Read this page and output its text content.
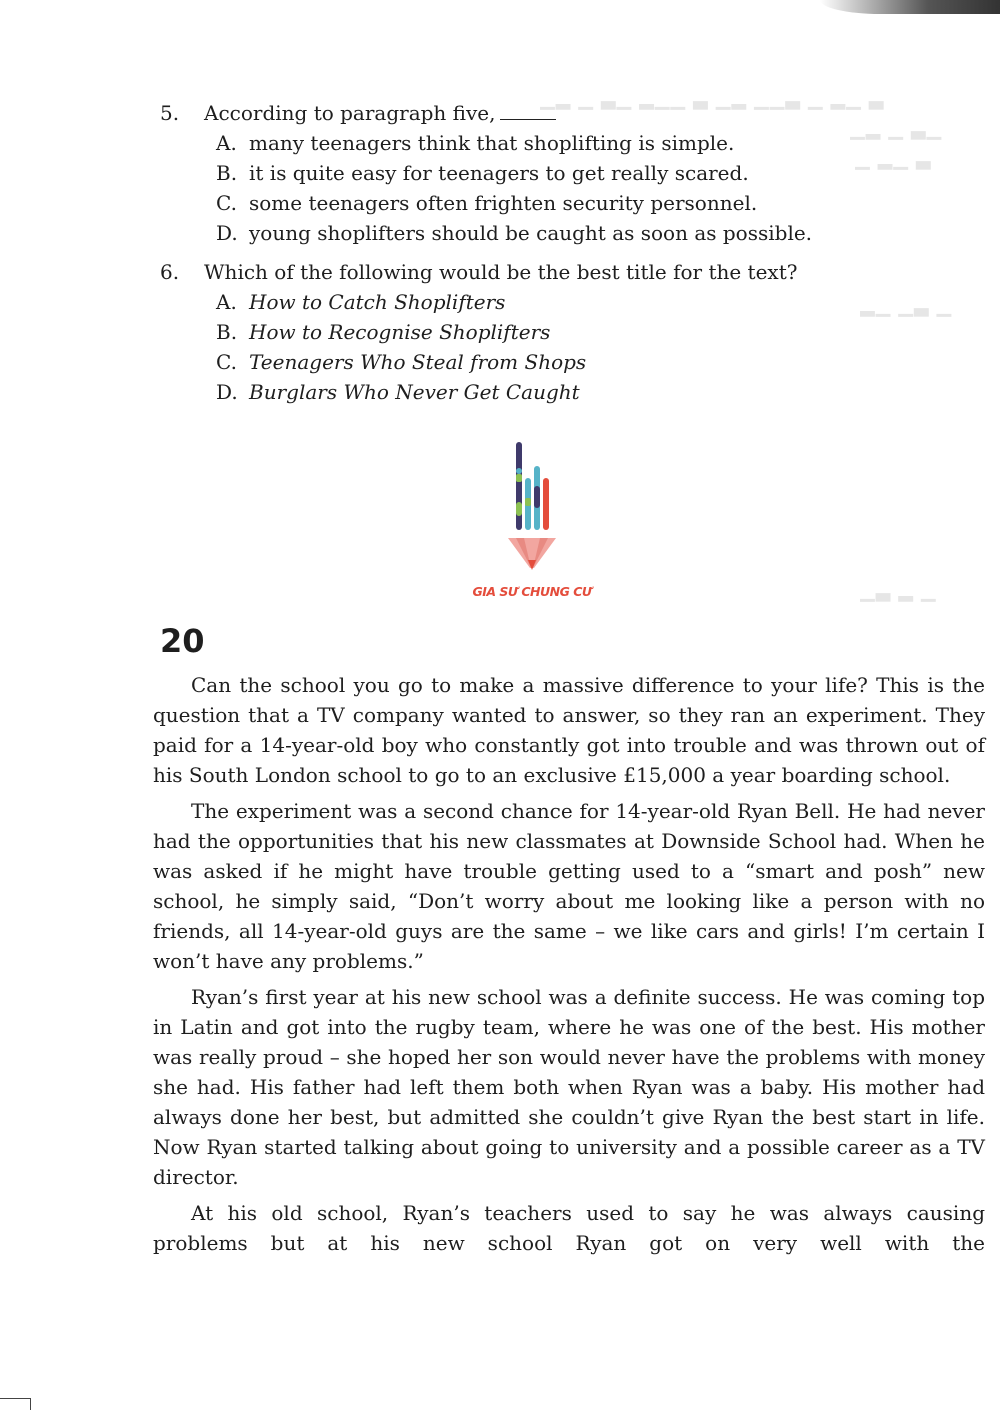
▁▂ ▁ ▃▁ ▂▁▁ ▃ ▁▂ ▁▁▃ ▁ ▂▁ ▃
▁▂ ▁ ▃▁
▁ ▂▁ ▃
▂▁ ▁▃ ▁
▁▃ ▂ ▁
5.	According to paragraph five,
A. many teenagers think that shoplifting is simple.
B. it is quite easy for teenagers to get really scared.
C. some teenagers often frighten security personnel.
D. young shoplifters should be caught as soon as possible.
6.	Which of the following would be the best title for the text?
A. How to Catch Shoplifters
B. How to Recognise Shoplifters
C. Teenagers Who Steal from Shops
D. Burglars Who Never Get Caught
GIA SƯ CHUNG CƯ
20

Can the school you go to make a massive difference to your life? This is the question that a TV company wanted to answer, so they ran an experiment. They paid for a 14-year-old boy who constantly got into trouble and was thrown out of his South London school to go to an exclusive £15,000 a year boarding school.

The experiment was a second chance for 14-year-old Ryan Bell. He had never had the opportunities that his new classmates at Downside School had. When he was asked if he might have trouble getting used to a “smart and posh” new school, he simply said, “Don’t worry about me looking like a person with no friends, all 14-year-old guys are the same – we like cars and girls! I’m certain I won’t have any problems.”

Ryan’s first year at his new school was a definite success. He was coming top in Latin and got into the rugby team, where he was one of the best. His mother was really proud – she hoped her son would never have the problems with money she had. His father had left them both when Ryan was a baby. His mother had always done her best, but admitted she couldn’t give Ryan the best start in life. Now Ryan started talking about going to university and a possible career as a TV director.

At his old school, Ryan’s teachers used to say he was always causing problems but at his new school Ryan got on very well with the
